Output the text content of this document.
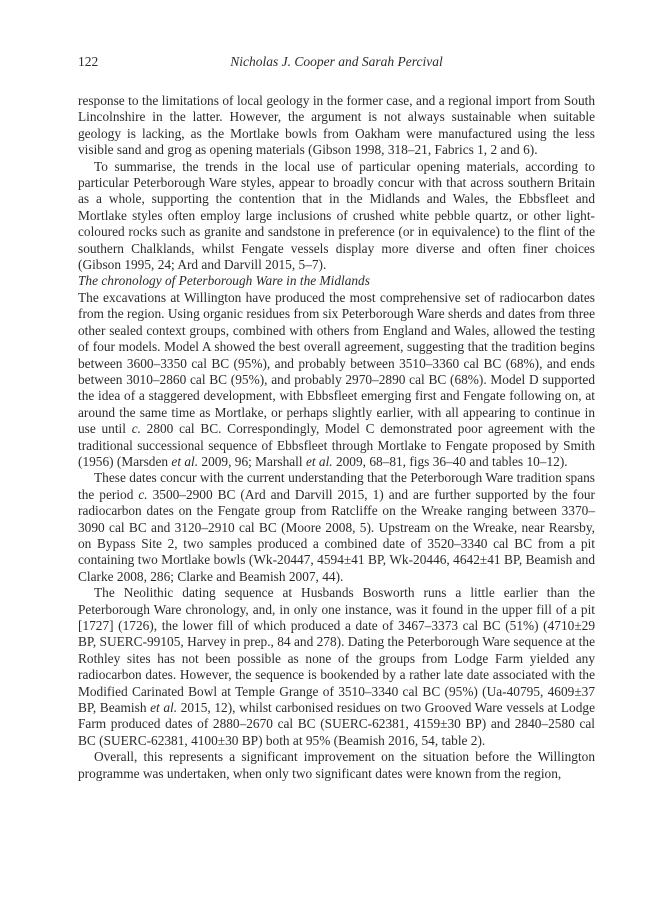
122	Nicholas J. Cooper and Sarah Percival

response to the limitations of local geology in the former case, and a regional import from South Lincolnshire in the latter. However, the argument is not always sustainable when suitable geology is lacking, as the Mortlake bowls from Oakham were manufactured using the less visible sand and grog as opening materials (Gibson 1998, 318–21, Fabrics 1, 2 and 6).

To summarise, the trends in the local use of particular opening materials, according to particular Peterborough Ware styles, appear to broadly concur with that across southern Britain as a whole, supporting the contention that in the Midlands and Wales, the Ebbsfleet and Mortlake styles often employ large inclusions of crushed white pebble quartz, or other light-coloured rocks such as granite and sandstone in preference (or in equivalence) to the flint of the southern Chalklands, whilst Fengate vessels display more diverse and often finer choices (Gibson 1995, 24; Ard and Darvill 2015, 5–7).

The chronology of Peterborough Ware in the Midlands

The excavations at Willington have produced the most comprehensive set of radiocarbon dates from the region. Using organic residues from six Peterborough Ware sherds and dates from three other sealed context groups, combined with others from England and Wales, allowed the testing of four models. Model A showed the best overall agreement, suggesting that the tradition begins between 3600–3350 cal BC (95%), and probably between 3510–3360 cal BC (68%), and ends between 3010–2860 cal BC (95%), and probably 2970–2890 cal BC (68%). Model D supported the idea of a staggered development, with Ebbsfleet emerging first and Fengate following on, at around the same time as Mortlake, or perhaps slightly earlier, with all appearing to continue in use until c. 2800 cal BC. Correspondingly, Model C demonstrated poor agreement with the traditional successional sequence of Ebbsfleet through Mortlake to Fengate proposed by Smith (1956) (Marsden et al. 2009, 96; Marshall et al. 2009, 68–81, figs 36–40 and tables 10–12).

These dates concur with the current understanding that the Peterborough Ware tradition spans the period c. 3500–2900 BC (Ard and Darvill 2015, 1) and are further supported by the four radiocarbon dates on the Fengate group from Ratcliffe on the Wreake ranging between 3370–3090 cal BC and 3120–2910 cal BC (Moore 2008, 5). Upstream on the Wreake, near Rearsby, on Bypass Site 2, two samples produced a combined date of 3520–3340 cal BC from a pit containing two Mortlake bowls (Wk-20447, 4594±41 BP, Wk-20446, 4642±41 BP, Beamish and Clarke 2008, 286; Clarke and Beamish 2007, 44).

The Neolithic dating sequence at Husbands Bosworth runs a little earlier than the Peterborough Ware chronology, and, in only one instance, was it found in the upper fill of a pit [1727] (1726), the lower fill of which produced a date of 3467–3373 cal BC (51%) (4710±29 BP, SUERC-99105, Harvey in prep., 84 and 278). Dating the Peterborough Ware sequence at the Rothley sites has not been possible as none of the groups from Lodge Farm yielded any radiocarbon dates. However, the sequence is bookended by a rather late date associated with the Modified Carinated Bowl at Temple Grange of 3510–3340 cal BC (95%) (Ua-40795, 4609±37 BP, Beamish et al. 2015, 12), whilst carbonised residues on two Grooved Ware vessels at Lodge Farm produced dates of 2880–2670 cal BC (SUERC-62381, 4159±30 BP) and 2840–2580 cal BC (SUERC-62381, 4100±30 BP) both at 95% (Beamish 2016, 54, table 2).

Overall, this represents a significant improvement on the situation before the Willington programme was undertaken, when only two significant dates were known from the region,
